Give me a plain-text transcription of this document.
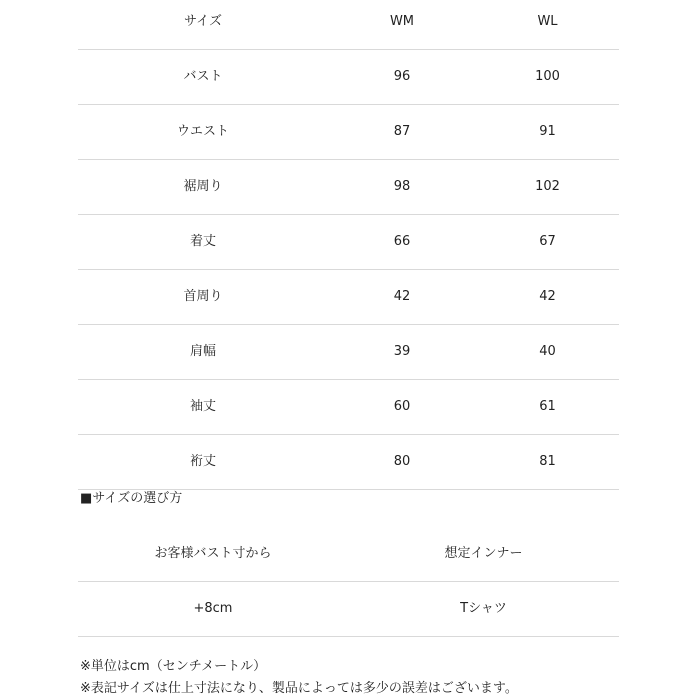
サイズ	WM	WL
バスト	96	100
ウエスト	87	91
裾周り	98	102
着丈	66	67
首周り	42	42
肩幅	39	40
袖丈	60	61
裄丈	80	81
■サイズの選び方
お客様バスト寸から	想定インナー
+8cm	Tシャツ
※単位はcm（センチメートル）
※表記サイズは仕上寸法になり、製品によっては多少の誤差はございます。
